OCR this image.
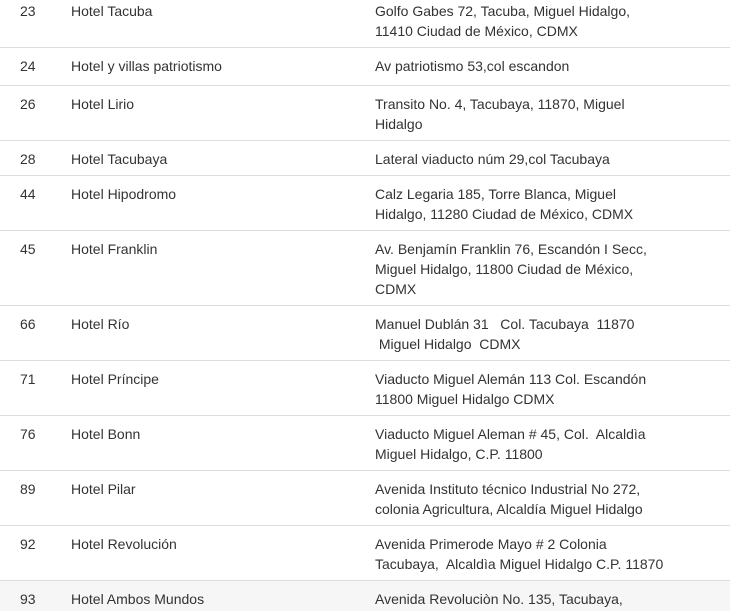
23	Hotel Tacuba	Golfo Gabes 72, Tacuba, Miguel Hidalgo,
11410 Ciudad de México, CDMX
24	Hotel y villas patriotismo	Av patriotismo 53,col escandon
26	Hotel Lirio	Transito No. 4, Tacubaya, 11870, Miguel
Hidalgo
28	Hotel Tacubaya	Lateral viaducto núm 29,col Tacubaya
44	Hotel Hipodromo	Calz Legaria 185, Torre Blanca, Miguel
Hidalgo, 11280 Ciudad de México, CDMX
45	Hotel Franklin	Av. Benjamín Franklin 76, Escandón I Secc,
Miguel Hidalgo, 11800 Ciudad de México,
CDMX
66	Hotel Río	Manuel Dublán 31   Col. Tacubaya  11870
Miguel Hidalgo  CDMX
71	Hotel Príncipe	Viaducto Miguel Alemán 113 Col. Escandón
11800 Miguel Hidalgo CDMX
76	Hotel Bonn	Viaducto Miguel Aleman # 45, Col.  Alcaldìa
Miguel Hidalgo, C.P. 11800
89	Hotel Pilar	Avenida Instituto técnico Industrial No 272,
colonia Agricultura, Alcaldía Miguel Hidalgo
92	Hotel Revolución	Avenida Primerode Mayo # 2 Colonia
Tacubaya,  Alcaldìa Miguel Hidalgo C.P. 11870
93	Hotel Ambos Mundos	Avenida Revoluciòn No. 135, Tacubaya,
